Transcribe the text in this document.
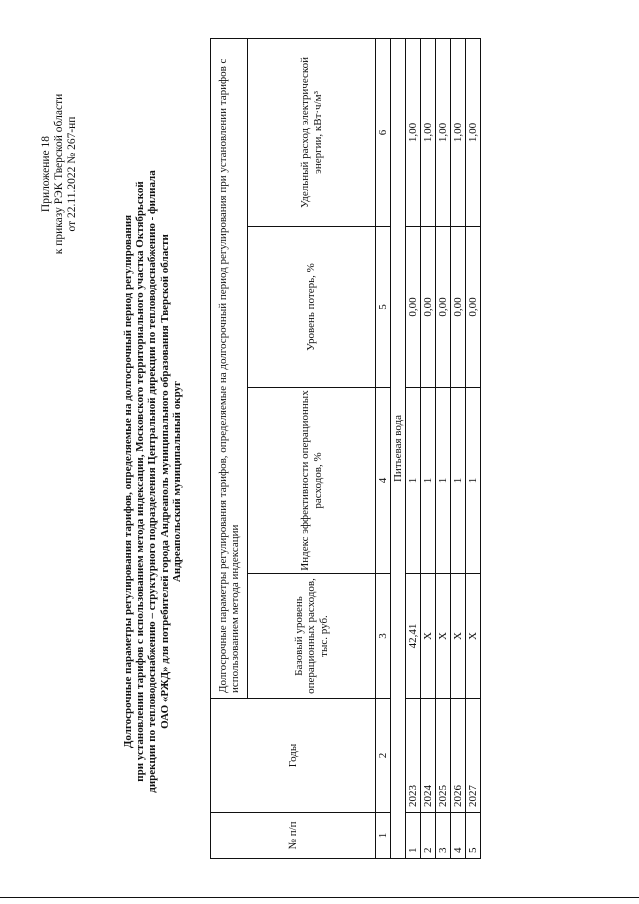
Приложение 18 к приказу РЭК Тверской области от 22.11.2022 № 267-нп
Долгосрочные параметры регулирования тарифов, определяемые на долгосрочный период регулирования при установлении тарифов с использованием метода индексации, Московского территориального участка Октябрьской дирекции по тепловодоснабжению – структурного подразделения Центральной дирекции по тепловодоснабжению - филиала ОАО «РЖД» для потребителей города Андреаполь муниципального образования Тверской области Андреапольский муниципальный округ
№ п/п	Годы	Долгосрочные параметры регулирования тарифов, определяемые на долгосрочный период регулирования при установлении тарифов с использованием метода индексации			
		Базовый уровень операционных расходов, тыс. руб.	Индекс эффективности операционных расходов, %	Уровень потерь, %	Удельный расход электрической энергии, кВт·ч/м³
1	2	3	4	5	6
Питьевая вода					
1	2023	42,41	1	0,00	1,00
2	2024	X	1	0,00	1,00
3	2025	X	1	0,00	1,00
4	2026	X	1	0,00	1,00
5	2027	X	1	0,00	1,00
